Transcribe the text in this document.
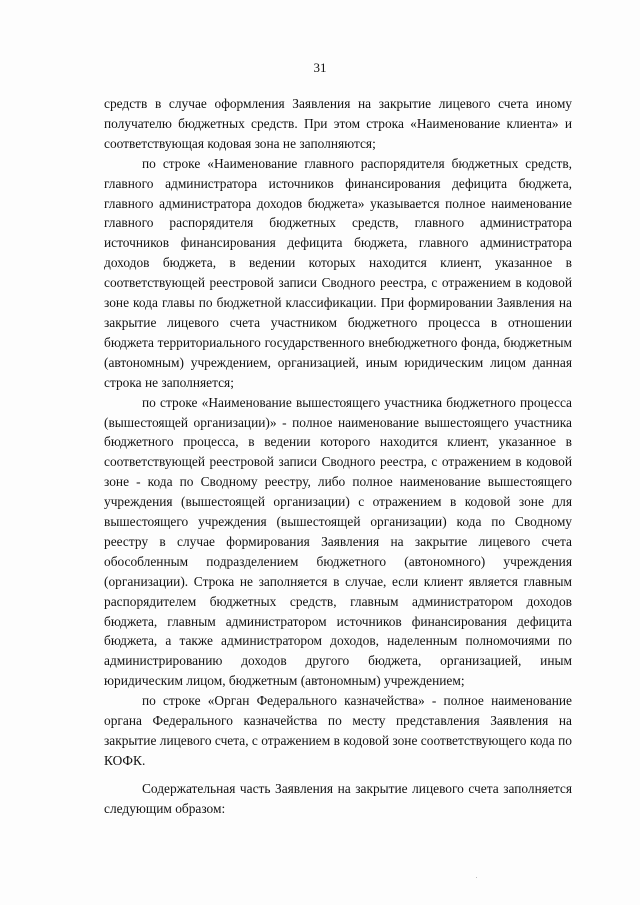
31

средств в случае оформления Заявления на закрытие лицевого счета иному получателю бюджетных средств. При этом строка «Наименование клиента» и соответствующая кодовая зона не заполняются;

по строке «Наименование главного распорядителя бюджетных средств, главного администратора источников финансирования дефицита бюджета, главного администратора доходов бюджета» указывается полное наименование главного распорядителя бюджетных средств, главного администратора источников финансирования дефицита бюджета, главного администратора доходов бюджета, в ведении которых находится клиент, указанное в соответствующей реестровой записи Сводного реестра, с отражением в кодовой зоне кода главы по бюджетной классификации. При формировании Заявления на закрытие лицевого счета участником бюджетного процесса в отношении бюджета территориального государственного внебюджетного фонда, бюджетным (автономным) учреждением, организацией, иным юридическим лицом данная строка не заполняется;

по строке «Наименование вышестоящего участника бюджетного процесса (вышестоящей организации)» - полное наименование вышестоящего участника бюджетного процесса, в ведении которого находится клиент, указанное в соответствующей реестровой записи Сводного реестра, с отражением в кодовой зоне - кода по Сводному реестру, либо полное наименование вышестоящего учреждения (вышестоящей организации) с отражением в кодовой зоне для вышестоящего учреждения (вышестоящей организации) кода по Сводному реестру в случае формирования Заявления на закрытие лицевого счета обособленным подразделением бюджетного (автономного) учреждения (организации). Строка не заполняется в случае, если клиент является главным распорядителем бюджетных средств, главным администратором доходов бюджета, главным администратором источников финансирования дефицита бюджета, а также администратором доходов, наделенным полномочиями по администрированию доходов другого бюджета, организацией, иным юридическим лицом, бюджетным (автономным) учреждением;

по строке «Орган Федерального казначейства» - полное наименование органа Федерального казначейства по месту представления Заявления на закрытие лицевого счета, с отражением в кодовой зоне соответствующего кода по КОФК.

Содержательная часть Заявления на закрытие лицевого счета заполняется следующим образом:
